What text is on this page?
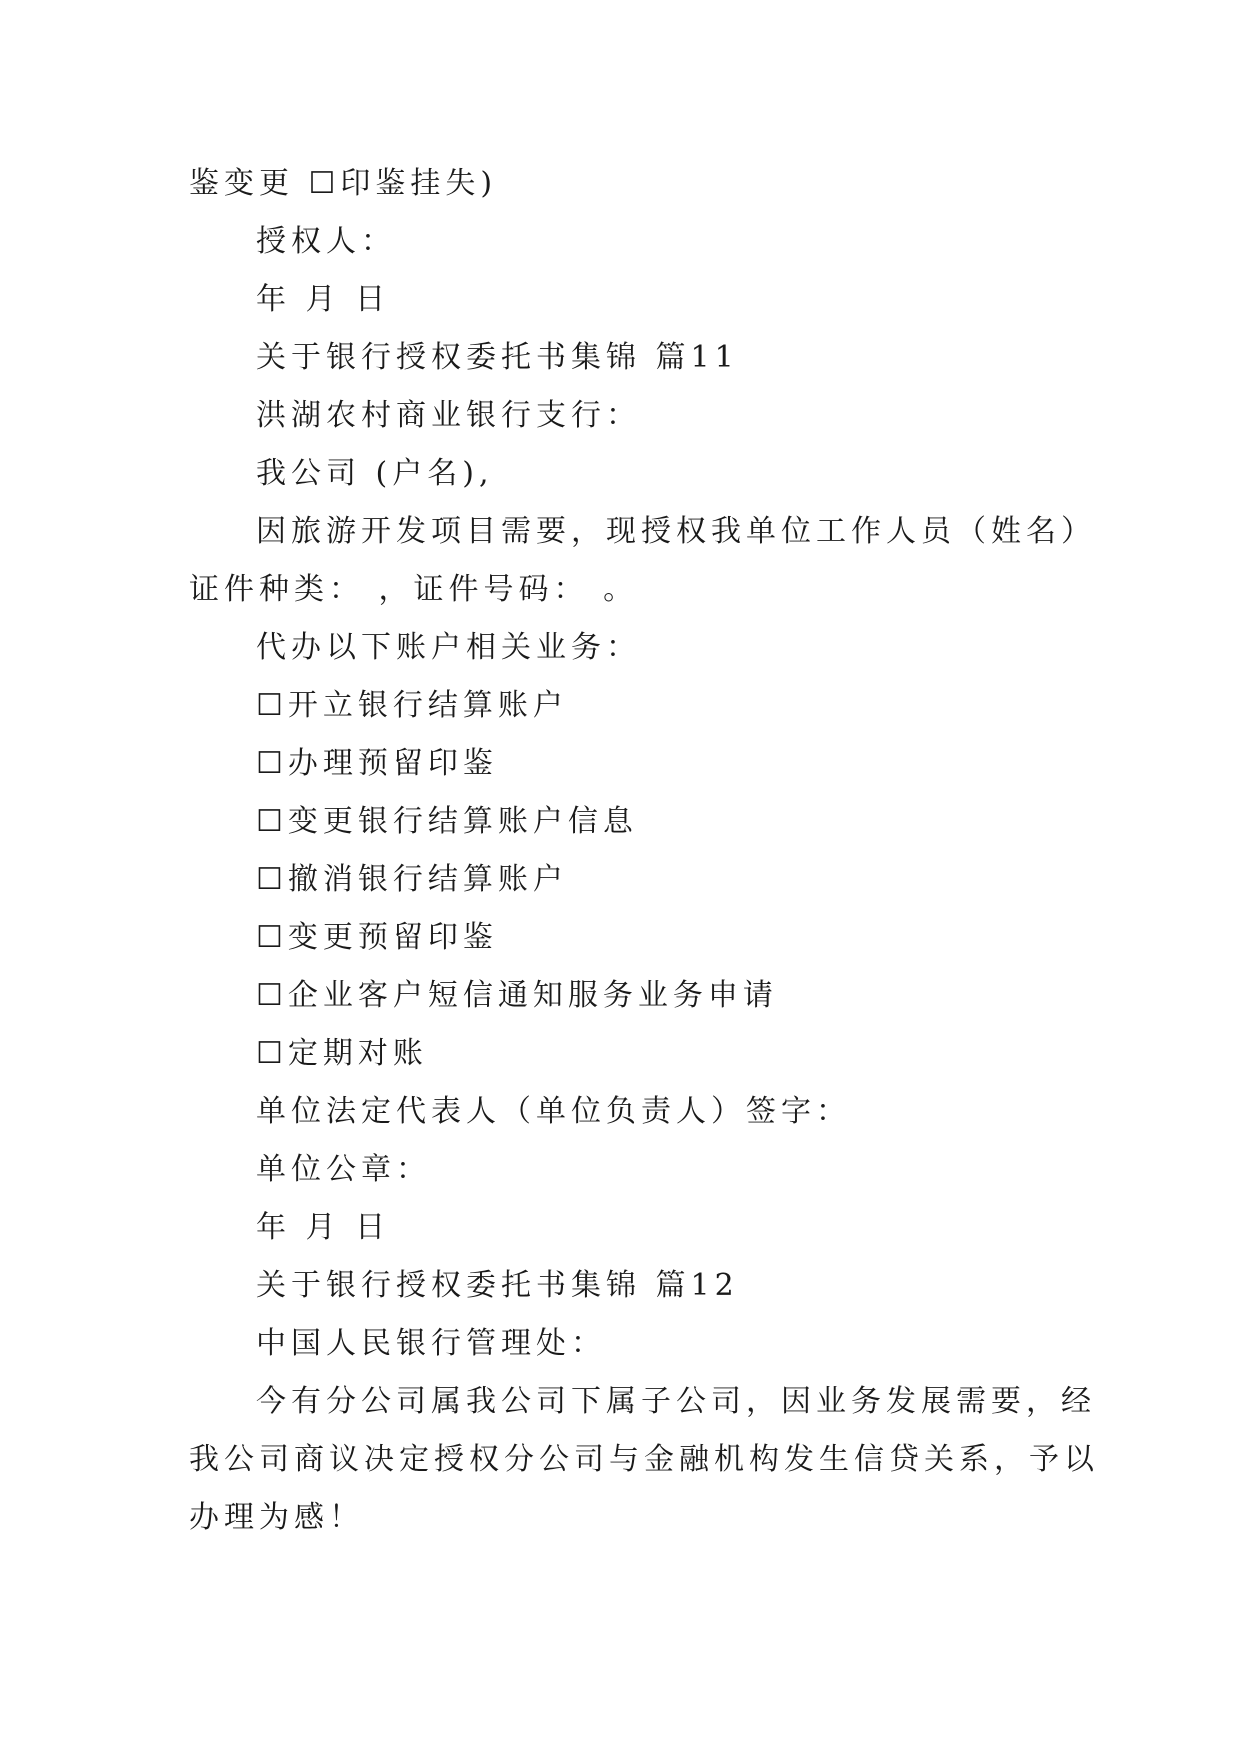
鉴变更 ☐印鉴挂失)
授权人：
年 月 日
关于银行授权委托书集锦 篇11
洪湖农村商业银行支行：
我公司 (户名),
因旅游开发项目需要，现授权我单位工作人员（姓名）
证件种类： ，证件号码： 。
代办以下账户相关业务：
☐开立银行结算账户
☐办理预留印鉴
☐变更银行结算账户信息
☐撤消银行结算账户
☐变更预留印鉴
☐企业客户短信通知服务业务申请
☐定期对账
单位法定代表人（单位负责人）签字：
单位公章：
年 月 日
关于银行授权委托书集锦 篇12
中国人民银行管理处：
今有分公司属我公司下属子公司，因业务发展需要，经
我公司商议决定授权分公司与金融机构发生信贷关系，予以
办理为感！
